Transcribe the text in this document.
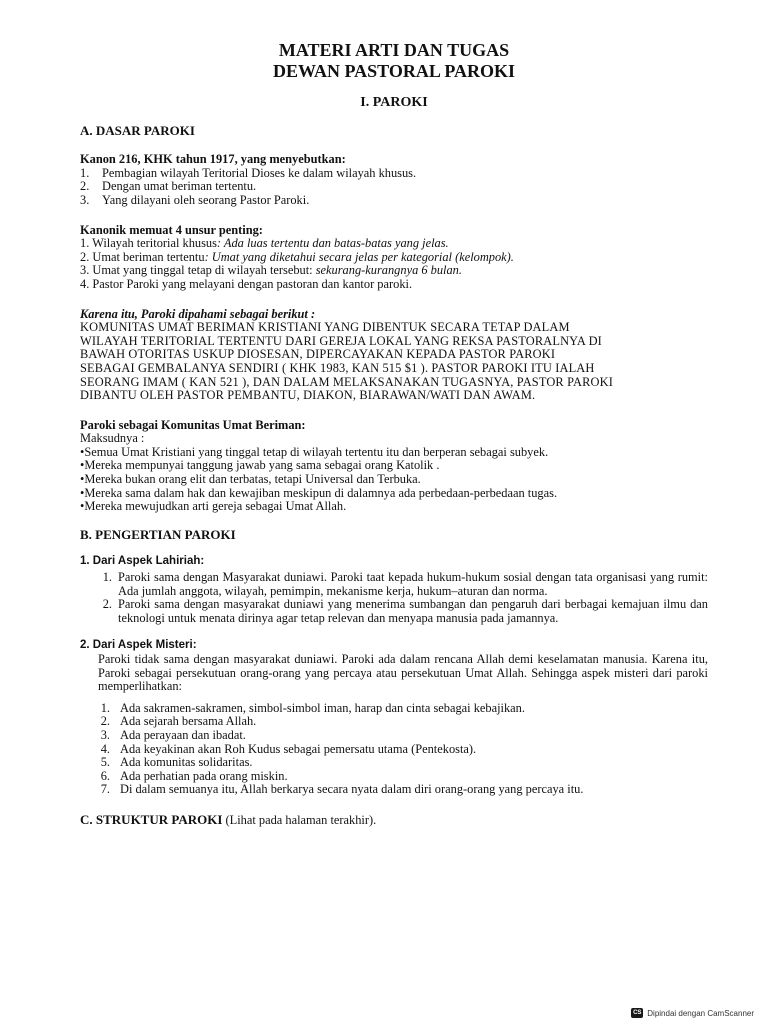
MATERI ARTI DAN TUGAS

DEWAN PASTORAL PAROKI

I. PAROKI

A. DASAR PAROKI
Kanon 216, KHK tahun 1917, yang menyebutkan:
1.	Pembagian wilayah Teritorial Dioses ke dalam wilayah khusus.
2.	Dengan umat beriman tertentu.
3.	Yang dilayani oleh seorang Pastor Paroki.
Kanonik memuat 4 unsur penting:

1. Wilayah teritorial khusus: Ada luas tertentu dan batas-batas yang jelas.

2. Umat beriman tertentu: Umat yang diketahui secara jelas per kategorial (kelompok).

3. Umat yang tinggal tetap di wilayah tersebut: sekurang-kurangnya 6 bulan.

4. Pastor Paroki yang melayani dengan pastoran dan kantor paroki.

Karena itu, Paroki dipahami sebagai berikut :

KOMUNITAS UMAT BERIMAN KRISTIANI YANG DIBENTUK SECARA TETAP DALAM

WILAYAH TERITORIAL TERTENTU DARI GEREJA LOKAL YANG REKSA PASTORALNYA DI

BAWAH OTORITAS USKUP DIOSESAN, DIPERCAYAKAN KEPADA PASTOR PAROKI

SEBAGAI GEMBALANYA SENDIRI ( KHK 1983, KAN 515 $1 ). PASTOR PAROKI ITU IALAH

SEORANG IMAM ( KAN 521 ), DAN DALAM MELAKSANAKAN TUGASNYA, PASTOR PAROKI

DIBANTU OLEH PASTOR PEMBANTU, DIAKON, BIARAWAN/WATI DAN AWAM.

Paroki sebagai Komunitas Umat Beriman:

Maksudnya :

•Semua Umat Kristiani yang tinggal tetap di wilayah tertentu itu dan berperan sebagai subyek.

•Mereka mempunyai tanggung jawab yang sama sebagai orang Katolik .

•Mereka bukan orang elit dan terbatas, tetapi Universal dan Terbuka.

•Mereka sama dalam hak dan kewajiban meskipun di dalamnya ada perbedaan-perbedaan tugas.

•Mereka mewujudkan arti gereja sebagai Umat Allah.

B. PENGERTIAN PAROKI
1. Dari Aspek Lahiriah:
1. Paroki sama dengan Masyarakat duniawi. Paroki taat kepada hukum-hukum sosial dengan tata organisasi yang rumit: Ada jumlah anggota, wilayah, pemimpin, mekanisme kerja, hukum–aturan dan norma.
2. Paroki sama dengan masyarakat duniawi yang menerima sumbangan dan pengaruh dari berbagai kemajuan ilmu dan teknologi untuk menata dirinya agar tetap relevan dan menyapa manusia pada jamannya.
2. Dari Aspek Misteri:
Paroki tidak sama dengan masyarakat duniawi. Paroki ada dalam rencana Allah demi keselamatan manusia. Karena itu, Paroki sebagai persekutuan orang-orang yang percaya atau persekutuan Umat Allah. Sehingga aspek misteri dari paroki memperlihatkan:
1. Ada sakramen-sakramen, simbol-simbol iman, harap dan cinta sebagai kebajikan.
2. Ada sejarah bersama Allah.
3. Ada perayaan dan ibadat.
4. Ada keyakinan akan Roh Kudus sebagai pemersatu utama (Pentekosta).
5. Ada komunitas solidaritas.
6. Ada perhatian pada orang miskin.
7. Di dalam semuanya itu, Allah berkarya secara nyata dalam diri orang-orang yang percaya itu.
C. STRUKTUR PAROKI (Lihat pada halaman terakhir).
CS Dipindai dengan CamScanner
